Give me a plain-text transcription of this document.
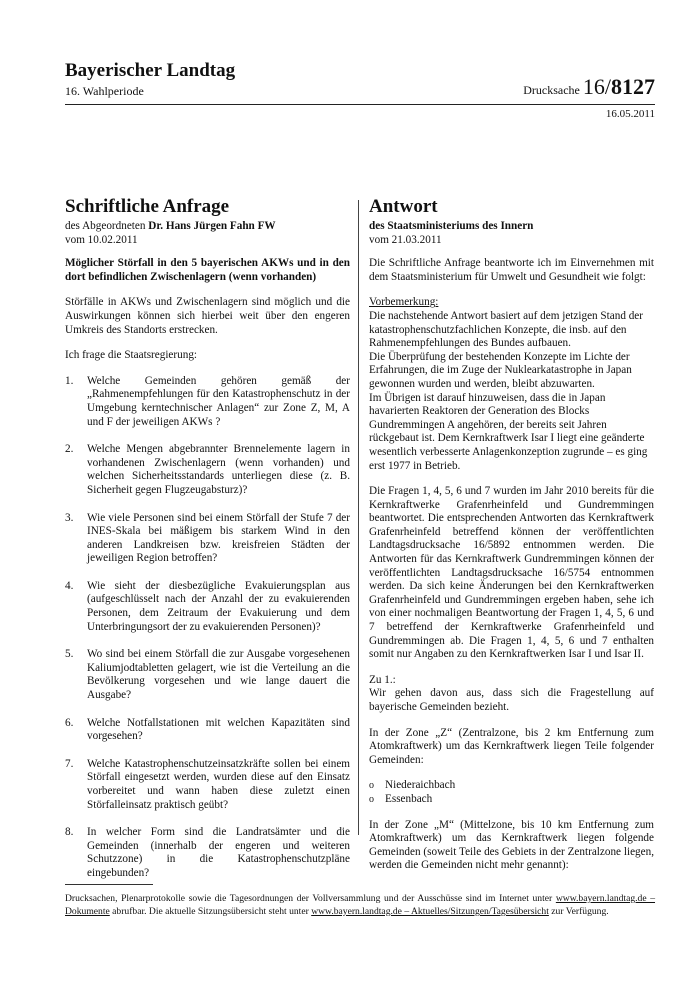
Bayerischer Landtag
16. Wahlperiode	Drucksache 16/8127
16.05.2011
Schriftliche Anfrage
des Abgeordneten Dr. Hans Jürgen Fahn FW
vom 10.02.2011

Möglicher Störfall in den 5 bayerischen AKWs und in den dort befindlichen Zwischenlagern (wenn vorhanden)

Störfälle in AKWs und Zwischenlagern sind möglich und die Auswirkungen können sich hierbei weit über den engeren Umkreis des Standorts erstrecken.

Ich frage die Staatsregierung:

1. Welche Gemeinden gehören gemäß der „Rahmenempfehlungen für den Katastrophenschutz in der Umgebung kerntechnischer Anlagen“ zur Zone Z, M, A und F der jeweiligen AKWs ?
2. Welche Mengen abgebrannter Brennelemente lagern in vorhandenen Zwischenlagern (wenn vorhanden) und welchen Sicherheitsstandards unterliegen diese (z. B. Sicherheit gegen Flugzeugabsturz)?
3. Wie viele Personen sind bei einem Störfall der Stufe 7 der INES-Skala bei mäßigem bis starkem Wind in den anderen Landkreisen bzw. kreisfreien Städten der jeweiligen Region betroffen?
4. Wie sieht der diesbezügliche Evakuierungsplan aus (aufgeschlüsselt nach der Anzahl der zu evakuierenden Personen, dem Zeitraum der Evakuierung und dem Unterbringungsort der zu evakuierenden Personen)?
5. Wo sind bei einem Störfall die zur Ausgabe vorgesehenen Kaliumjodtabletten gelagert, wie ist die Verteilung an die Bevölkerung vorgesehen und wie lange dauert die Ausgabe?
6. Welche Notfallstationen mit welchen Kapazitäten sind vorgesehen?
7. Welche Katastrophenschutzeinsatzkräfte sollen bei einem Störfall eingesetzt werden, wurden diese auf den Einsatz vorbereitet und wann haben diese zuletzt einen Störfalleinsatz praktisch geübt?
8. In welcher Form sind die Landratsämter und die Gemeinden (innerhalb der engeren und weiteren Schutzzone) in die Katastrophenschutzpläne eingebunden?
Antwort
des Staatsministeriums des Innern
vom 21.03.2011

Die Schriftliche Anfrage beantworte ich im Einvernehmen mit dem Staatsministerium für Umwelt und Gesundheit wie folgt:

Vorbemerkung:
Die nachstehende Antwort basiert auf dem jetzigen Stand der katastrophenschutzfachlichen Konzepte, die insb. auf den Rahmenempfehlungen des Bundes aufbauen.
Die Überprüfung der bestehenden Konzepte im Lichte der Erfahrungen, die im Zuge der Nuklearkatastrophe in Japan gewonnen wurden und werden, bleibt abzuwarten.

Im Übrigen ist darauf hinzuweisen, dass die in Japan havarierten Reaktoren der Generation des Blocks Gundremmingen A angehören, der bereits seit Jahren rückgebaut ist. Dem Kernkraftwerk Isar I liegt eine geänderte wesentlich verbesserte Anlagenkonzeption zugrunde – es ging erst 1977 in Betrieb.

Die Fragen 1, 4, 5, 6 und 7 wurden im Jahr 2010 bereits für die Kernkraftwerke Grafenrheinfeld und Gundremmingen beantwortet. Die entsprechenden Antworten das Kernkraftwerk Grafenrheinfeld betreffend können der veröffentlichten Landtagsdrucksache 16/5892 entnommen werden. Die Antworten für das Kernkraftwerk Gundremmingen können der veröffentlichten Landtagsdrucksache 16/5754 entnommen werden. Da sich keine Änderungen bei den Kernkraftwerken Grafenrheinfeld und Gundremmingen ergeben haben, sehe ich von einer nochmaligen Beantwortung der Fragen 1, 4, 5, 6 und 7 betreffend der Kernkraftwerke Grafenrheinfeld und Gundremmingen ab. Die Fragen 1, 4, 5, 6 und 7 enthalten somit nur Angaben zu den Kernkraftwerken Isar I und Isar II.

Zu 1.:

Wir gehen davon aus, dass sich die Fragestellung auf bayerische Gemeinden bezieht.

In der Zone „Z“ (Zentralzone, bis 2 km Entfernung zum Atomkraftwerk) um das Kernkraftwerk liegen Teile folgender Gemeinden:

o Niederaichbach
o Essenbach

In der Zone „M“ (Mittelzone, bis 10 km Entfernung zum Atomkraftwerk) um das Kernkraftwerk liegen folgende Gemeinden (soweit Teile des Gebiets in der Zentralzone liegen, werden die Gemeinden nicht mehr genannt):

Drucksachen, Plenarprotokolle sowie die Tagesordnungen der Vollversammlung und der Ausschüsse sind im Internet unter www.bayern.landtag.de – Dokumente abrufbar. Die aktuelle Sitzungsübersicht steht unter www.bayern.landtag.de – Aktuelles/Sitzungen/Tagesübersicht zur Verfügung.
